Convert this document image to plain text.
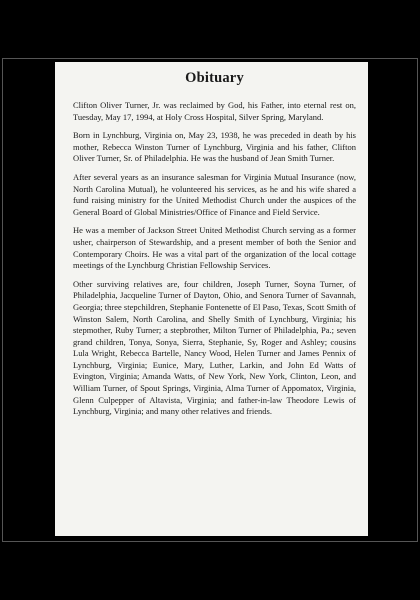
Obituary

Clifton Oliver Turner, Jr. was reclaimed by God, his Father, into eternal rest on, Tuesday, May 17, 1994, at Holy Cross Hospital, Silver Spring, Maryland.

Born in Lynchburg, Virginia on, May 23, 1938, he was preceded in death by his mother, Rebecca Winston Turner of Lynchburg, Virginia and his father, Clifton Oliver Turner, Sr. of Philadelphia. He was the husband of Jean Smith Turner.

After several years as an insurance salesman for Virginia Mutual Insurance (now, North Carolina Mutual), he volunteered his services, as he and his wife shared a fund raising ministry for the United Methodist Church under the auspices of the General Board of Global Ministries/Office of Finance and Field Service.

He was a member of Jackson Street United Methodist Church serving as a former usher, chairperson of Stewardship, and a present member of both the Senior and Contemporary Choirs. He was a vital part of the organization of the local cottage meetings of the Lynchburg Christian Fellowship Services.

Other surviving relatives are, four children, Joseph Turner, Soyna Turner, of Philadelphia, Jacqueline Turner of Dayton, Ohio, and Senora Turner of Savannah, Georgia; three stepchildren, Stephanie Fontenette of El Paso, Texas, Scott Smith of Winston Salem, North Carolina, and Shelly Smith of Lynchburg, Virginia; his stepmother, Ruby Turner; a stepbrother, Milton Turner of Philadelphia, Pa.; seven grand children, Tonya, Sonya, Sierra, Stephanie, Sy, Roger and Ashley; cousins Lula Wright, Rebecca Bartelle, Nancy Wood, Helen Turner and James Pennix of Lynchburg, Virginia; Eunice, Mary, Luther, Larkin, and John Ed Watts of Evington, Virginia; Amanda Watts, of New York, New York, Clinton, Leon, and William Turner, of Spout Springs, Virginia, Alma Turner of Appomatox, Virginia, Glenn Culpepper of Altavista, Virginia; and father-in-law Theodore Lewis of Lynchburg, Virginia; and many other relatives and friends.
